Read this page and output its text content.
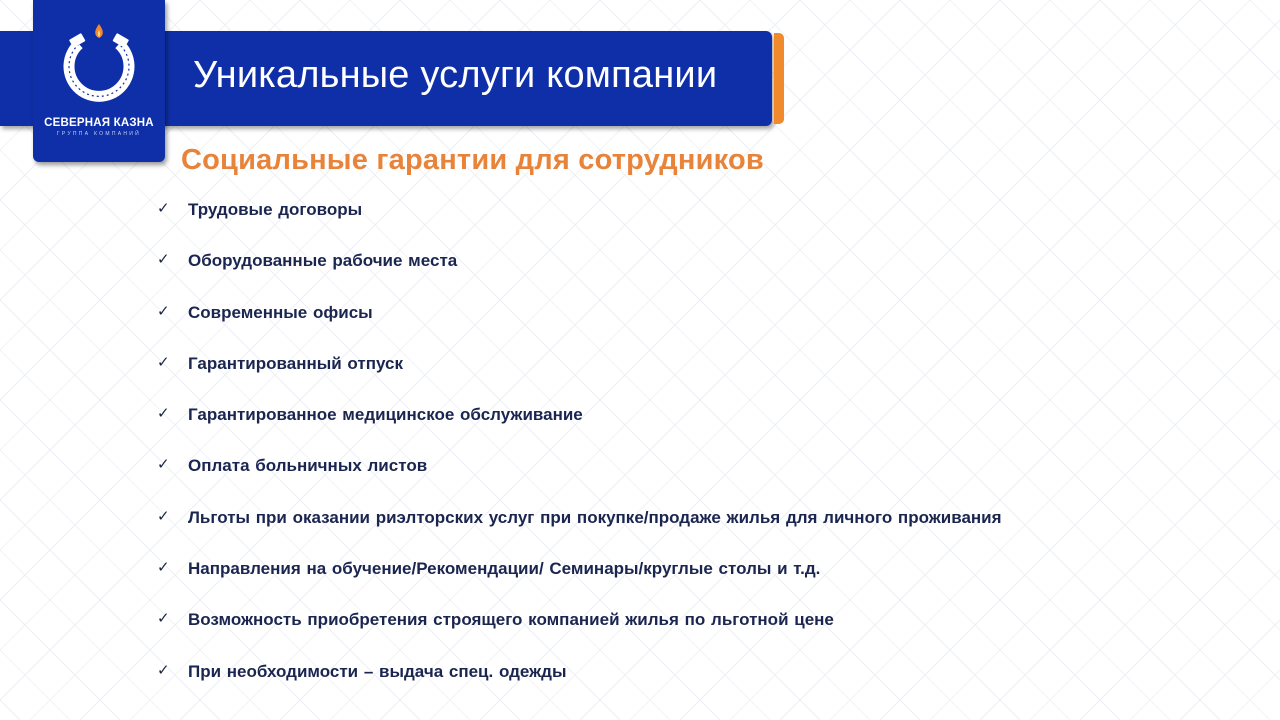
Уникальные услуги компании
СЕВЕРНАЯ КАЗНА
ГРУППА КОМПАНИЙ
Социальные гарантии для сотрудников
✓ Трудовые договоры
✓ Оборудованные рабочие места
✓ Современные офисы
✓ Гарантированный отпуск
✓ Гарантированное медицинское обслуживание
✓ Оплата больничных листов
✓ Льготы при оказании риэлторских услуг при покупке/продаже жилья для личного проживания
✓ Направления на обучение/Рекомендации/ Семинары/круглые столы и т.д.
✓ Возможность приобретения строящего компанией жилья по льготной цене
✓ При необходимости – выдача спец. одежды
